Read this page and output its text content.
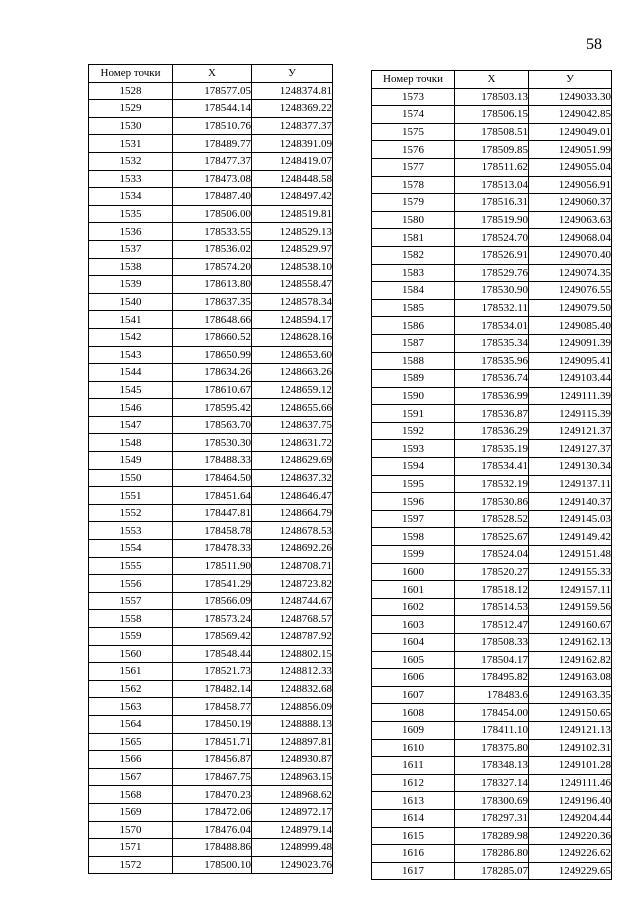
58
Номер точки	X	У
1528	178577.05	1248374.81
1529	178544.14	1248369.22
1530	178510.76	1248377.37
1531	178489.77	1248391.09
1532	178477.37	1248419.07
1533	178473.08	1248448.58
1534	178487.40	1248497.42
1535	178506.00	1248519.81
1536	178533.55	1248529.13
1537	178536.02	1248529.97
1538	178574.20	1248538.10
1539	178613.80	1248558.47
1540	178637.35	1248578.34
1541	178648.66	1248594.17
1542	178660.52	1248628.16
1543	178650.99	1248653.60
1544	178634.26	1248663.26
1545	178610.67	1248659.12
1546	178595.42	1248655.66
1547	178563.70	1248637.75
1548	178530.30	1248631.72
1549	178488.33	1248629.69
1550	178464.50	1248637.32
1551	178451.64	1248646.47
1552	178447.81	1248664.79
1553	178458.78	1248678.53
1554	178478.33	1248692.26
1555	178511.90	1248708.71
1556	178541.29	1248723.82
1557	178566.09	1248744.67
1558	178573.24	1248768.57
1559	178569.42	1248787.92
1560	178548.44	1248802.15
1561	178521.73	1248812.33
1562	178482.14	1248832.68
1563	178458.77	1248856.09
1564	178450.19	1248888.13
1565	178451.71	1248897.81
1566	178456.87	1248930.87
1567	178467.75	1248963.15
1568	178470.23	1248968.62
1569	178472.06	1248972.17
1570	178476.04	1248979.14
1571	178488.86	1248999.48
1572	178500.10	1249023.76
Номер точки	X	У
1573	178503.13	1249033.30
1574	178506.15	1249042.85
1575	178508.51	1249049.01
1576	178509.85	1249051.99
1577	178511.62	1249055.04
1578	178513.04	1249056.91
1579	178516.31	1249060.37
1580	178519.90	1249063.63
1581	178524.70	1249068.04
1582	178526.91	1249070.40
1583	178529.76	1249074.35
1584	178530.90	1249076.55
1585	178532.11	1249079.50
1586	178534.01	1249085.40
1587	178535.34	1249091.39
1588	178535.96	1249095.41
1589	178536.74	1249103.44
1590	178536.99	1249111.39
1591	178536.87	1249115.39
1592	178536.29	1249121.37
1593	178535.19	1249127.37
1594	178534.41	1249130.34
1595	178532.19	1249137.11
1596	178530.86	1249140.37
1597	178528.52	1249145.03
1598	178525.67	1249149.42
1599	178524.04	1249151.48
1600	178520.27	1249155.33
1601	178518.12	1249157.11
1602	178514.53	1249159.56
1603	178512.47	1249160.67
1604	178508.33	1249162.13
1605	178504.17	1249162.82
1606	178495.82	1249163.08
1607	178483.6	1249163.35
1608	178454.00	1249150.65
1609	178411.10	1249121.13
1610	178375.80	1249102.31
1611	178348.13	1249101.28
1612	178327.14	1249111.46
1613	178300.69	1249196.40
1614	178297.31	1249204.44
1615	178289.98	1249220.36
1616	178286.80	1249226.62
1617	178285.07	1249229.65
